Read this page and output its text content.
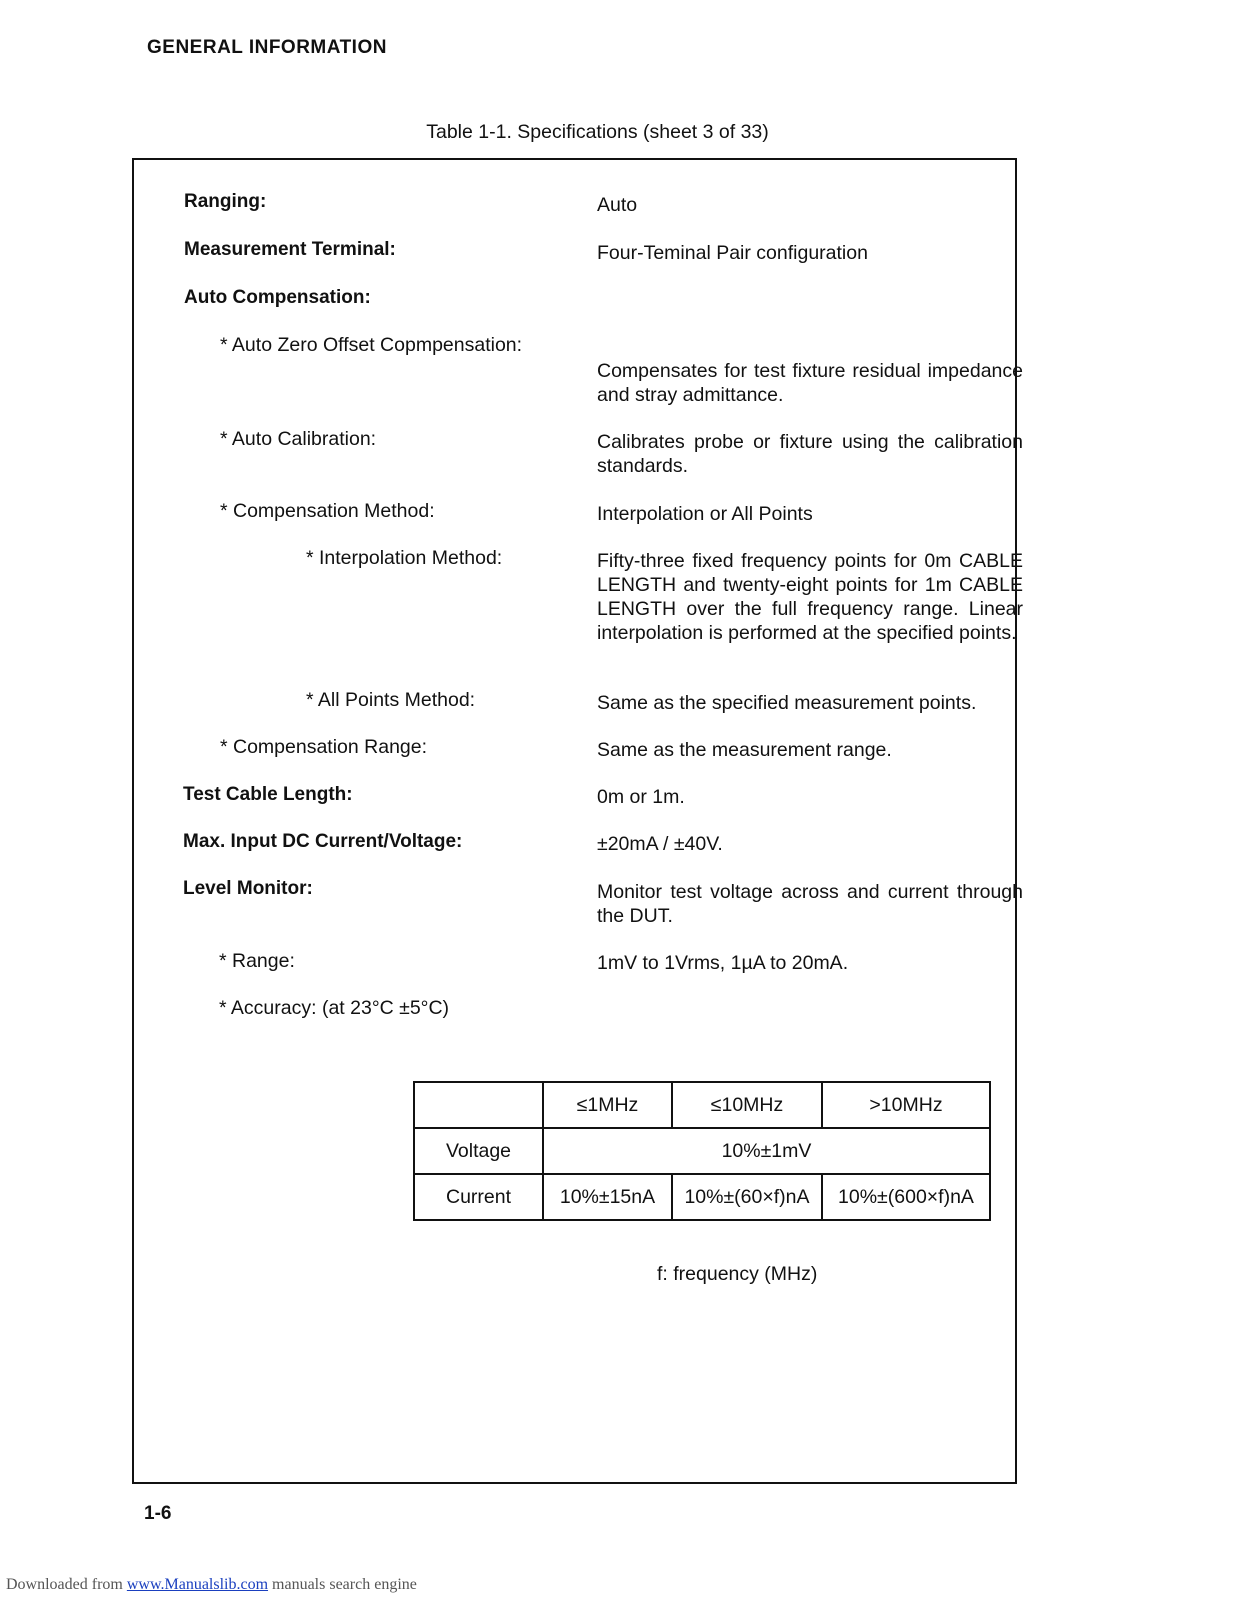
GENERAL INFORMATION
Table 1-1. Specifications (sheet 3 of 33)
Ranging:	Auto
Measurement Terminal:	Four-Teminal Pair configuration
Auto Compensation:
* Auto Zero Offset Copmpensation:
Compensates for test fixture residual impedance and stray admittance.
* Auto Calibration:	Calibrates probe or fixture using the calibration standards.
* Compensation Method:	Interpolation or All Points
* Interpolation Method:	Fifty-three fixed frequency points for 0m CABLE LENGTH and twenty-eight points for 1m CABLE LENGTH over the full frequency range. Linear interpolation is performed at the specified points.
* All Points Method:	Same as the specified measurement points.
* Compensation Range:	Same as the measurement range.
Test Cable Length:	0m or 1m.
Max. Input DC Current/Voltage:	±20mA / ±40V.
Level Monitor:	Monitor test voltage across and current through the DUT.
* Range:	1mV to 1Vrms, 1µA to 20mA.
* Accuracy: (at 23°C ±5°C)
	≤1MHz	≤10MHz	>10MHz
Voltage	10%±1mV		
Current	10%±15nA	10%±(60×f)nA	10%±(600×f)nA
f: frequency (MHz)
1-6
Downloaded from www.Manualslib.com manuals search engine
